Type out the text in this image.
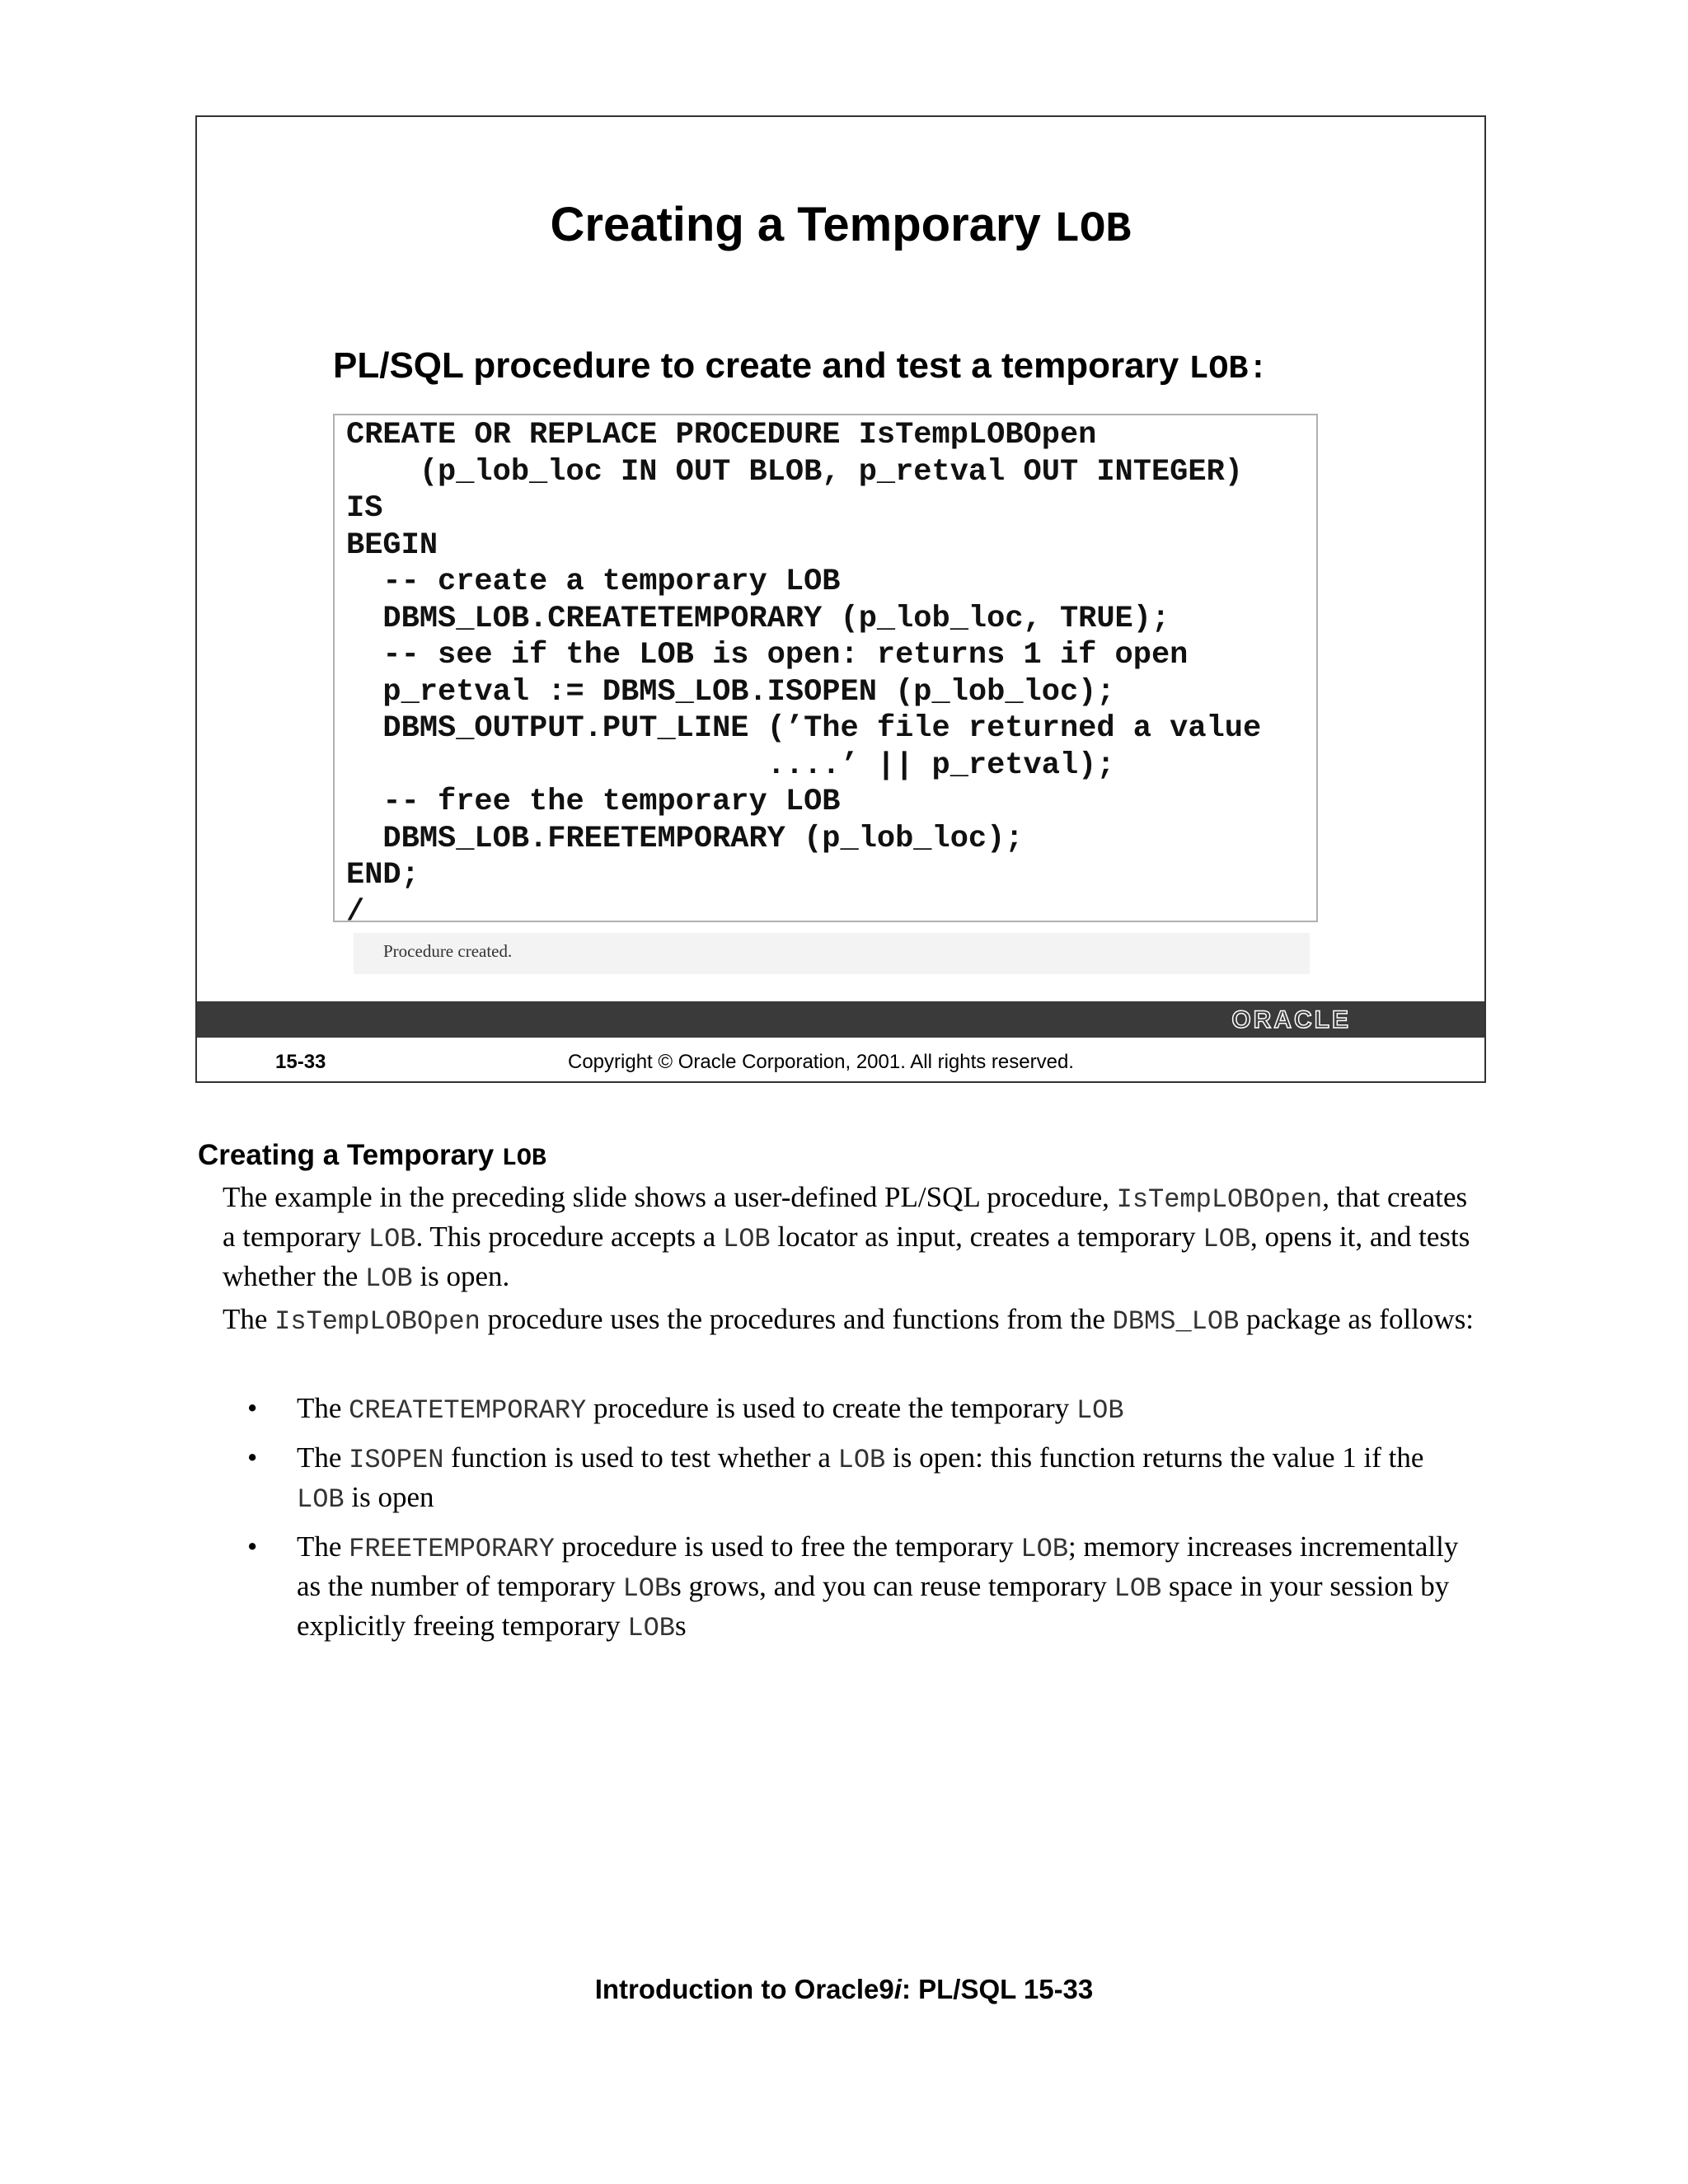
Creating a Temporary LOB
PL/SQL procedure to create and test a temporary LOB:
CREATE OR REPLACE PROCEDURE IsTempLOBOpen
(p_lob_loc IN OUT BLOB, p_retval OUT INTEGER)
IS
BEGIN
-- create a temporary LOB
DBMS_LOB.CREATETEMPORARY (p_lob_loc, TRUE);
-- see if the LOB is open: returns 1 if open
p_retval := DBMS_LOB.ISOPEN (p_lob_loc);
DBMS_OUTPUT.PUT_LINE (’The file returned a value
....’ || p_retval);
-- free the temporary LOB
DBMS_LOB.FREETEMPORARY (p_lob_loc);
END;
/
Procedure created.
ORACLE
15-33	Copyright © Oracle Corporation, 2001. All rights reserved.
Creating a Temporary LOB
The example in the preceding slide shows a user-defined PL/SQL procedure, IsTempLOBOpen, that creates a temporary LOB. This procedure accepts a LOB locator as input, creates a temporary LOB, opens it, and tests whether the LOB is open.
The IsTempLOBOpen procedure uses the procedures and functions from the DBMS_LOB package as follows:
• The CREATETEMPORARY procedure is used to create the temporary LOB
• The ISOPEN function is used to test whether a LOB is open: this function returns the value 1 if the LOB is open
• The FREETEMPORARY procedure is used to free the temporary LOB; memory increases incrementally as the number of temporary LOBs grows, and you can reuse temporary LOB space in your session by explicitly freeing temporary LOBs
Introduction to Oracle9i: PL/SQL 15-33
